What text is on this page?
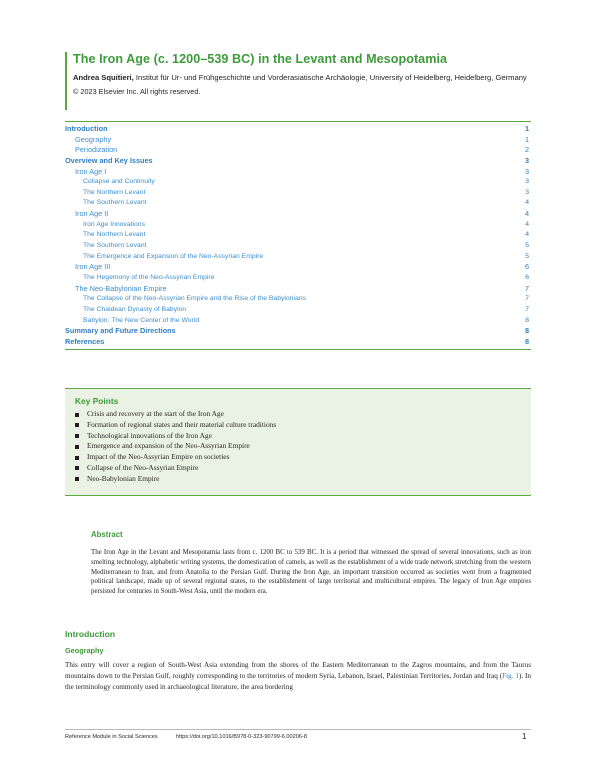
The Iron Age (c. 1200–539 BC) in the Levant and Mesopotamia

Andrea Squitieri, Institut für Ur- und Frühgeschichte und Vorderasiatische Archäologie, University of Heidelberg, Heidelberg, Germany

© 2023 Elsevier Inc. All rights reserved.

Introduction	1
Geography	1
Periodization	2
Overview and Key Issues	3
Iron Age I	3
Collapse and Continuity	3
The Northern Levant	3
The Southern Levant	4
Iron Age II	4
Iron Age Innovations	4
The Northern Levant	4
The Southern Levant	5
The Emergence and Expansion of the Neo-Assyrian Empire	5
Iron Age III	6
The Hegemony of the Neo-Assyrian Empire	6
The Neo-Babylonian Empire	7
The Collapse of the Neo-Assyrian Empire and the Rise of the Babylonians	7
The Chaldean Dynasty of Babylon	7
Babylon: The New Center of the World	8
Summary and Future Directions	8
References	8
Key Points
Crisis and recovery at the start of the Iron Age
Formation of regional states and their material culture traditions
Technological innovations of the Iron Age
Emergence and expansion of the Neo-Assyrian Empire
Impact of the Neo-Assyrian Empire on societies
Collapse of the Neo-Assyrian Empire
Neo-Babylonian Empire
Abstract

The Iron Age in the Levant and Mesopotamia lasts from c. 1200 BC to 539 BC. It is a period that witnessed the spread of several innovations, such as iron smelting technology, alphabetic writing systems, the domestication of camels, as well as the establishment of a wide trade network stretching from the western Mediterranean to Iran, and from Anatolia to the Persian Gulf. During the Iron Age, an important transition occurred as societies went from a fragmented political landscape, made up of several regional states, to the establishment of large territorial and multicultural empires. The legacy of Iron Age empires persisted for centuries in South-West Asia, until the modern era.

Introduction
Geography

This entry will cover a region of South-West Asia extending from the shores of the Eastern Mediterranean to the Zagros mountains, and from the Taurus mountains down to the Persian Gulf, roughly corresponding to the territories of modern Syria, Lebanon, Israel, Palestinian Territories, Jordan and Iraq (Fig. 1). In the terminology commonly used in archaeological literature, the area bordering

Reference Module in Social Sciences	https://doi.org/10.1016/B978-0-323-90799-6.00206-8	1
